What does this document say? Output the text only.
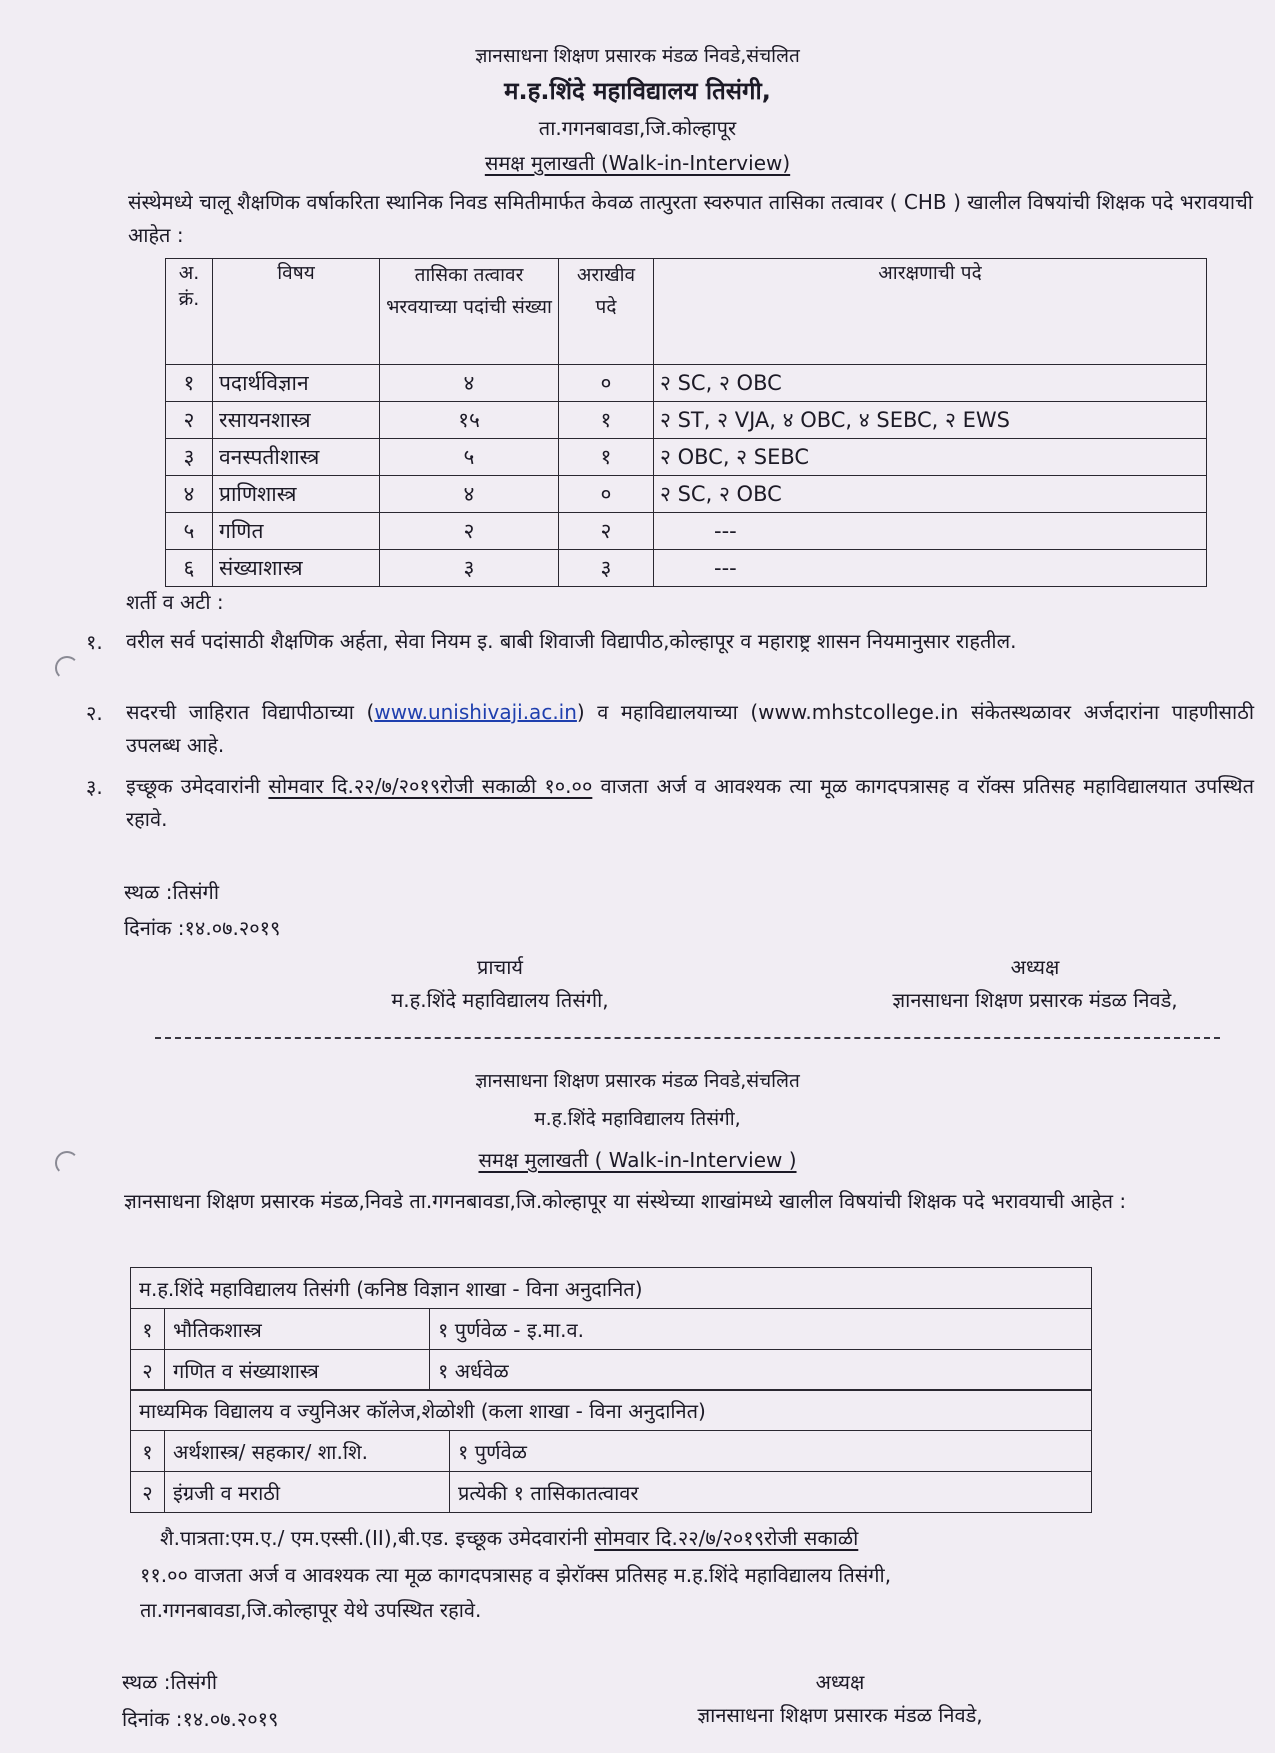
ज्ञानसाधना शिक्षण प्रसारक मंडळ निवडे,संचलित
म.ह.शिंदे महाविद्यालय तिसंगी,
ता.गगनबावडा,जि.कोल्हापूर
समक्ष मुलाखती (Walk-in-Interview)
संस्थेमध्ये चालू शैक्षणिक वर्षाकरिता स्थानिक निवड समितीमार्फत केवळ तात्पुरता स्वरुपात तासिका तत्वावर ( CHB ) खालील विषयांची शिक्षक पदे भरावयाची आहेत :
अ. क्रं.	विषय	तासिका तत्वावर भरवयाच्या पदांची संख्या	अराखीव पदे	आरक्षणाची पदे
१	पदार्थविज्ञान	४	०	२ SC, २ OBC
२	रसायनशास्त्र	१५	१	२ ST, २ VJA, ४ OBC, ४ SEBC, २ EWS
३	वनस्पतीशास्त्र	५	१	२ OBC, २ SEBC
४	प्राणिशास्त्र	४	०	२ SC, २ OBC
५	गणित	२	२	---
६	संख्याशास्त्र	३	३	---
शर्ती व अटी :
१. वरील सर्व पदांसाठी शैक्षणिक अर्हता, सेवा नियम इ. बाबी शिवाजी विद्यापीठ,कोल्हापूर व महाराष्ट्र शासन नियमानुसार राहतील.
२. सदरची जाहिरात विद्यापीठाच्या (www.unishivaji.ac.in) व महाविद्यालयाच्या (www.mhstcollege.in संकेतस्थळावर अर्जदारांना पाहणीसाठी उपलब्ध आहे.
३. इच्छूक उमेदवारांनी सोमवार दि.२२/७/२०१९रोजी सकाळी १०.०० वाजता अर्ज व आवश्यक त्या मूळ कागदपत्रासह व रॉक्स प्रतिसह महाविद्यालयात उपस्थित रहावे.
स्थळ :तिसंगी
दिनांक :१४.०७.२०१९
प्राचार्य
म.ह.शिंदे महाविद्यालय तिसंगी,
अध्यक्ष
ज्ञानसाधना शिक्षण प्रसारक मंडळ निवडे,
ज्ञानसाधना शिक्षण प्रसारक मंडळ निवडे,संचलित
म.ह.शिंदे महाविद्यालय तिसंगी,
समक्ष मुलाखती ( Walk-in-Interview )
ज्ञानसाधना शिक्षण प्रसारक मंडळ,निवडे ता.गगनबावडा,जि.कोल्हापूर या संस्थेच्या शाखांमध्ये खालील विषयांची शिक्षक पदे भरावयाची आहेत :
म.ह.शिंदे महाविद्यालय तिसंगी (कनिष्ठ विज्ञान शाखा - विना अनुदानित)		
१	भौतिकशास्त्र	१ पुर्णवेळ - इ.मा.व.
२	गणित व संख्याशास्त्र	१ अर्धवेळ
माध्यमिक विद्यालय व ज्युनिअर कॉलेज,शेळोशी (कला शाखा - विना अनुदानित)		
१	अर्थशास्त्र/ सहकार/ शा.शि.	१ पुर्णवेळ
२	इंग्रजी व मराठी	प्रत्येकी १ तासिकातत्वावर
शै.पात्रता:एम.ए./ एम.एस्सी.(II),बी.एड. इच्छूक उमेदवारांनी सोमवार दि.२२/७/२०१९रोजी सकाळी
११.०० वाजता अर्ज व आवश्यक त्या मूळ कागदपत्रासह व झेरॉक्स प्रतिसह म.ह.शिंदे महाविद्यालय तिसंगी,
ता.गगनबावडा,जि.कोल्हापूर येथे उपस्थित रहावे.
स्थळ :तिसंगी
दिनांक :१४.०७.२०१९
अध्यक्ष
ज्ञानसाधना शिक्षण प्रसारक मंडळ निवडे,
